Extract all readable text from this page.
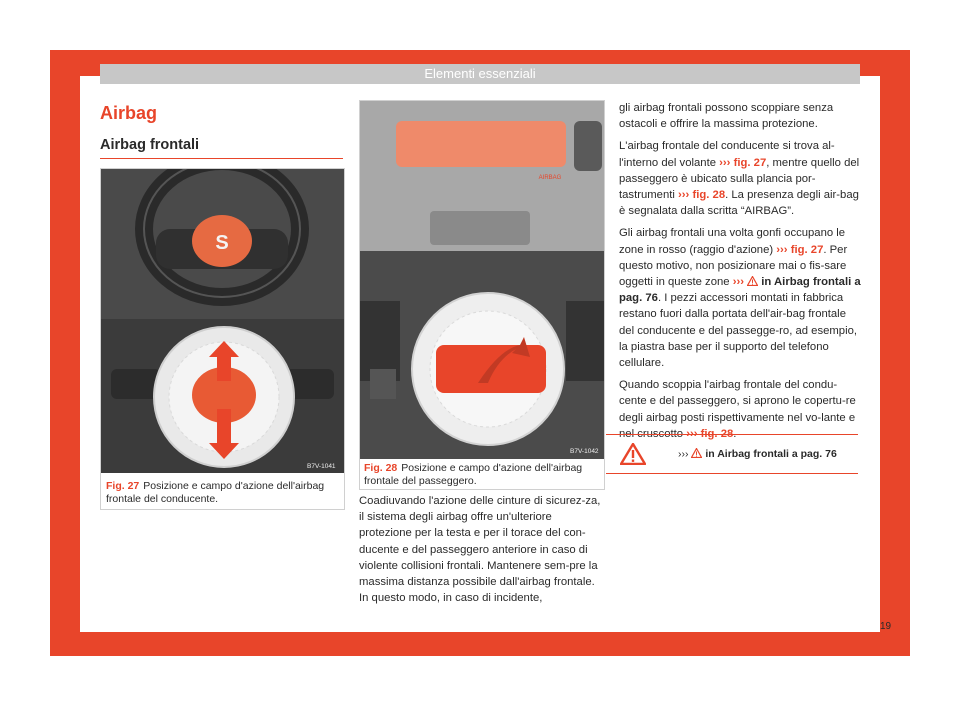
Elementi essenziali
Airbag
Airbag frontali
S
B7V-1041
Fig. 27 Posizione e campo d'azione dell'airbag frontale del conducente.
AIRBAG
B7V-1042
Fig. 28 Posizione e campo d'azione dell'airbag frontale del passeggero.

Coadiuvando l'azione delle cinture di sicurez-za, il sistema degli airbag offre un'ulteriore protezione per la testa e per il torace del con-ducente e del passeggero anteriore in caso di violente collisioni frontali. Mantenere sem-pre la massima distanza possibile dall'airbag frontale. In questo modo, in caso di incidente,

gli airbag frontali possono scoppiare senza ostacoli e offrire la massima protezione.

L'airbag frontale del conducente si trova al-l'interno del volante ››› fig. 27, mentre quello del passeggero è ubicato sulla plancia por-tastrumenti ››› fig. 28. La presenza degli air-bag è segnalata dalla scritta “AIRBAG”.

Gli airbag frontali una volta gonfi occupano le zone in rosso (raggio d'azione) ››› fig. 27. Per questo motivo, non posizionare mai o fis-sare oggetti in queste zone ›››  in Airbag frontali a pag. 76. I pezzi accessori montati in fabbrica restano fuori dalla portata dell'air-bag frontale del conducente e del passegge-ro, ad esempio, la piastra base per il supporto del telefono cellulare.

Quando scoppia l'airbag frontale del condu-cente e del passeggero, si aprono le copertu-re degli airbag posti rispettivamente nel vo-lante e nel cruscotto ››› fig. 28.

›››  in Airbag frontali a pag. 76
19
